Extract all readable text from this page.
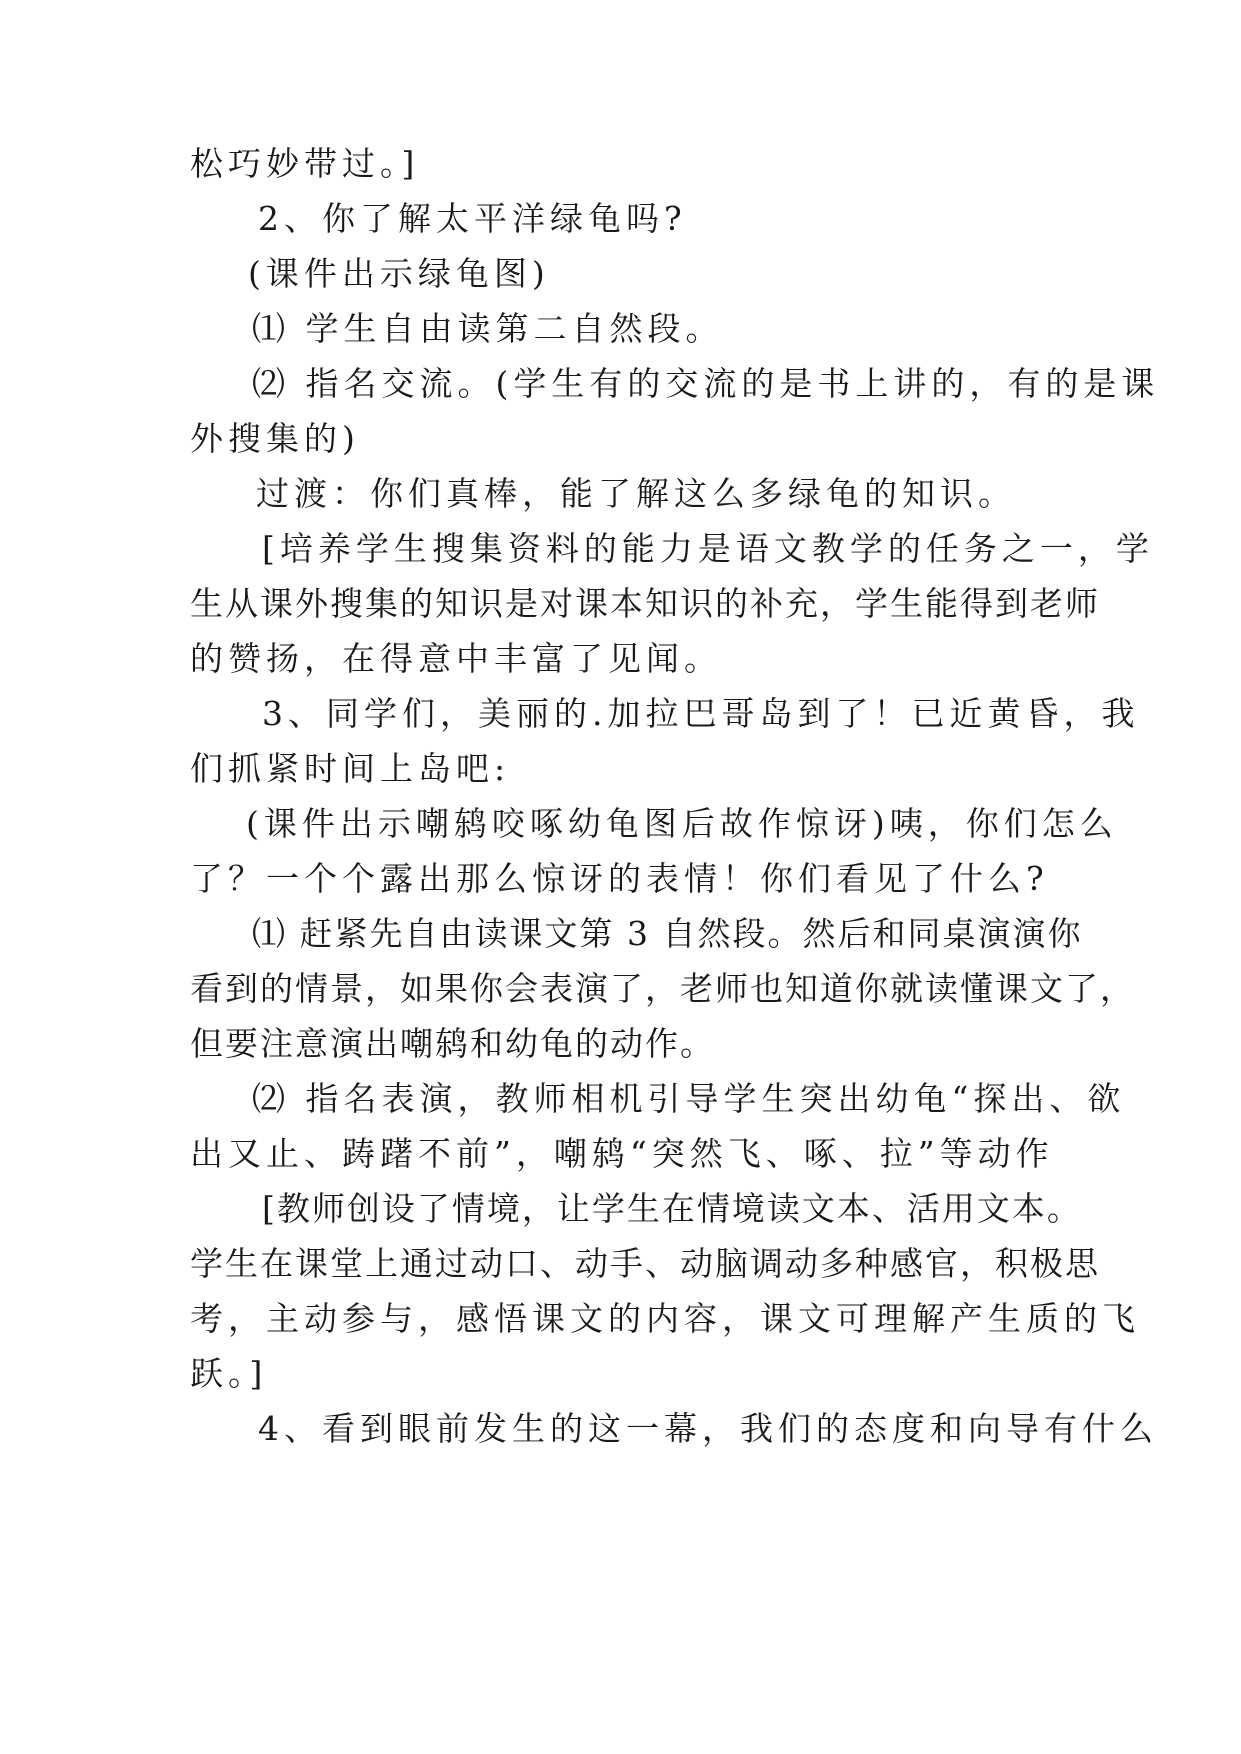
松巧妙带过。]
2、你了解太平洋绿龟吗?
(课件出示绿龟图)
⑴ 学生自由读第二自然段。
⑵ 指名交流。(学生有的交流的是书上讲的，有的是课
外搜集的)
过渡：你们真棒，能了解这么多绿龟的知识。
[培养学生搜集资料的能力是语文教学的任务之一，学
生从课外搜集的知识是对课本知识的补充，学生能得到老师
的赞扬，在得意中丰富了见闻。
3、同学们，美丽的.加拉巴哥岛到了！已近黄昏，我
们抓紧时间上岛吧:
(课件出示嘲鸫咬啄幼龟图后故作惊讶)咦，你们怎么
了？一个个露出那么惊讶的表情！你们看见了什么?
⑴ 赶紧先自由读课文第 3 自然段。然后和同桌演演你
看到的情景，如果你会表演了，老师也知道你就读懂课文了，
但要注意演出嘲鸫和幼龟的动作。
⑵ 指名表演，教师相机引导学生突出幼龟“探出、欲
出又止、踌躇不前”，嘲鸫“突然飞、啄、拉”等动作
[教师创设了情境，让学生在情境读文本、活用文本。
学生在课堂上通过动口、动手、动脑调动多种感官，积极思
考，主动参与，感悟课文的内容，课文可理解产生质的飞
跃。]
4、看到眼前发生的这一幕，我们的态度和向导有什么
